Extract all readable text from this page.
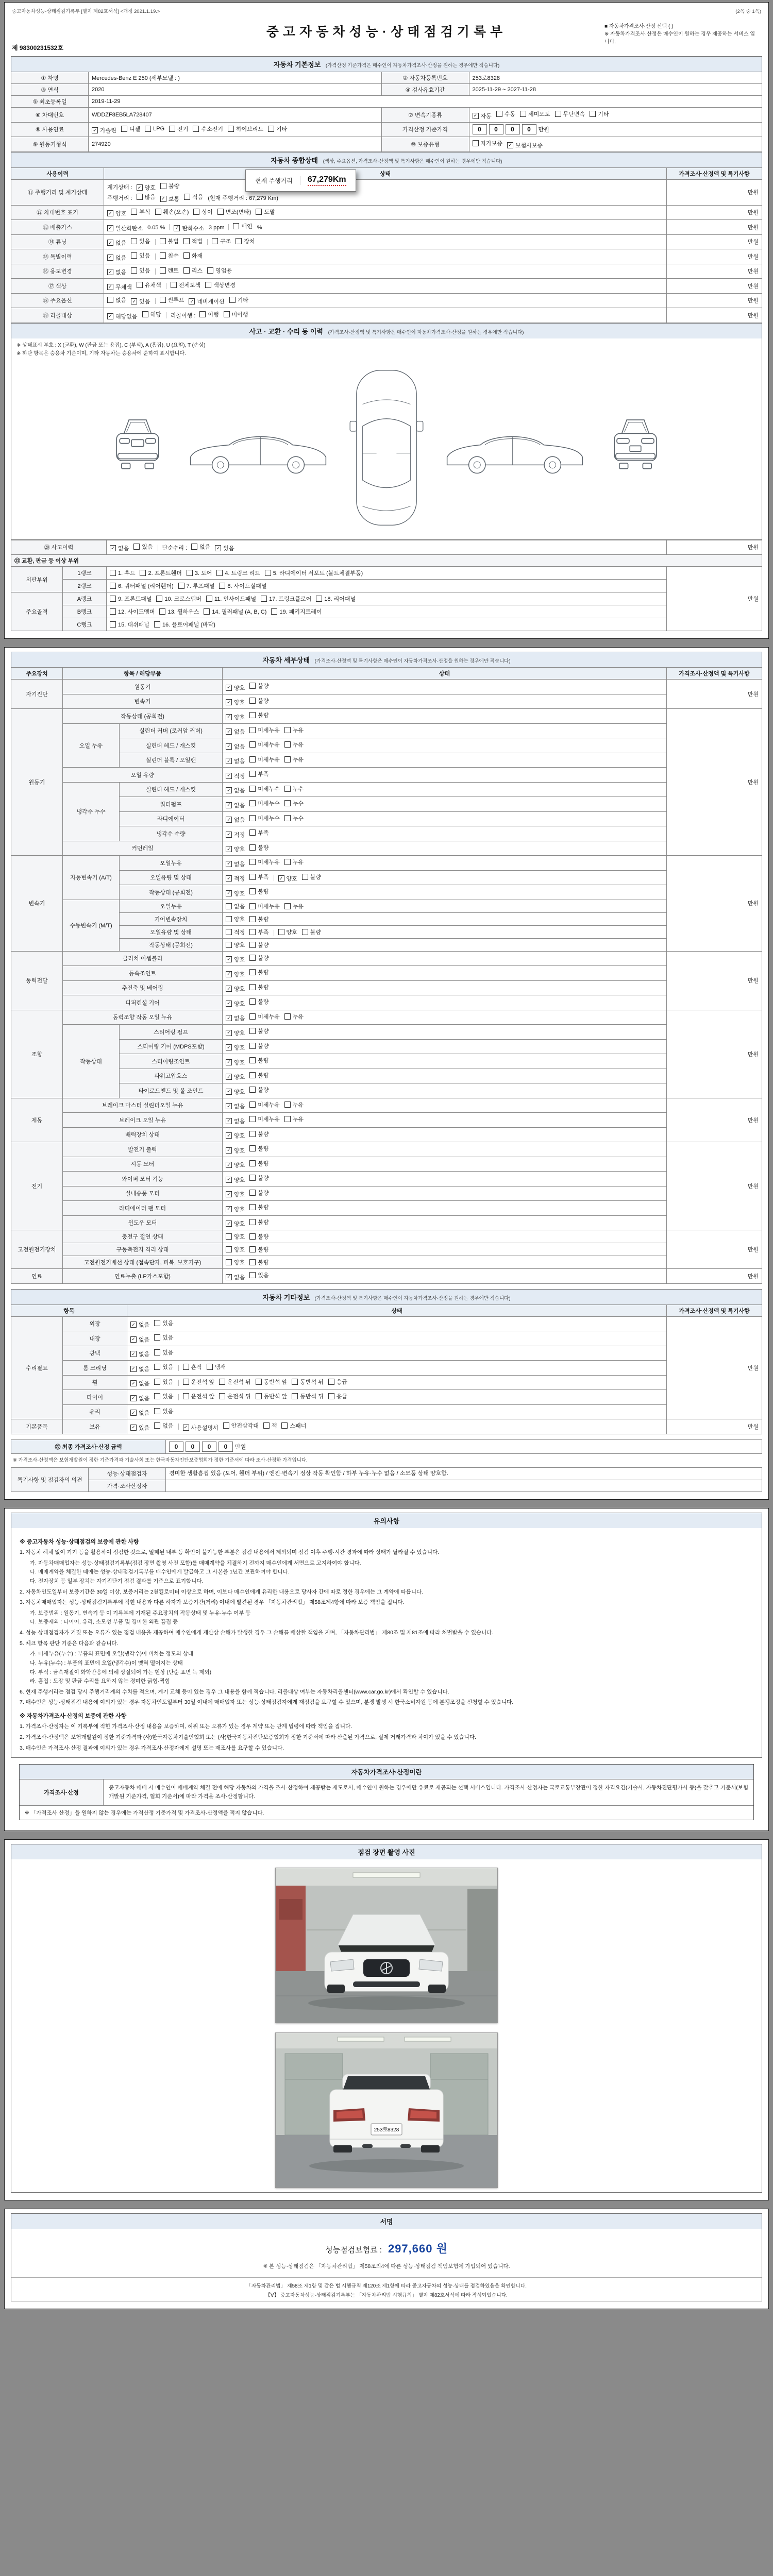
중고자동차성능·상태점검기록부 [별지 제82호서식] <개정 2021.1.19.>	(2쪽 중 1쪽)
중고자동차성능·상태점검기록부	■ 자동차가격조사·산정 선택 ( )
※ 자동차가격조사·산정은 매수인이 원하는 경우 제공하는 서비스 입니다.
제 98300231532호
자동차 기본정보 (가격산정 기준가격은 매수인이 자동차가격조사·산정을 원하는 경우에만 적습니다)
① 차명	Mercedes-Benz E 250 (세부모델 : )	② 자동차등록번호	253로8328
③ 연식	2020	④ 검사유효기간	2025-11-29 ~ 2027-11-28
⑤ 최초등록일	2019-11-29		
⑥ 차대번호	WDDZF8EB5LA728407	⑦ 변속기종류	
✓자동 수동 세미오토 무단변속 기타

⑧ 사용연료	
✓가솔린 디젤 LPG 전기 수소전기 하이브리드 기타	가격산정 기준가격	0 0 0 0 만원
⑨ 원동기형식	274920	⑩ 보증유형	자가보증 ✓ 보험사보증
자동차 종합상태 (색상, 주요옵션, 가격조사·산정액 및 특기사항은 매수인이 원하는 경우에만 적습니다)
사용이력	상태	가격조사·산정액 및 특기사항
⑪ 주행거리 및 계기상태	계기상태 : ✓ 양호 불량

주행거리 : 많음 ✓ 보통 적음 (현재 주행거리 : 67,279 Km)	만원
⑫ 차대번호 표기	
✓양호 부식 훼손(오손) 상이 변조(변타) 도말	만원
⑬ 배출가스	
✓일산화탄소 0.05 % ✓	탄화수소 3 ppm	매연 %	만원
⑭ 튜닝	
✓없음 있음	불법 적법	구조 장치	만원
⑮ 특별이력	
✓없음 있음 침수 화재	만원
⑯ 용도변경	
✓없음 있음 렌트 리스 영업용	만원
⑰ 색상	
✓무채색 유채색 전체도색 색상변경	만원
⑱ 주요옵션	없음 ✓ 있음 썬루프 ✓ 네비게이션 기타	만원
⑲ 리콜대상	
✓해당없음 해당 리콜이행 : 이행 미이행	만원
현재 주행거리	67,279Km
사고 · 교환 · 수리 등 이력 (가격조사·산정액 및 특기사항은 매수인이 자동차가격조사·산정을 원하는 경우에만 적습니다)
※ 상태표시 부호 : X (교환), W (판금 또는 용접), C (부식), A (흠집), U (요철), T (손상)
※ 하단 항목은 승용차 기준이며, 기타 자동차는 승용차에 준하여 표시합니다.
⑳ 사고이력	
✓없음 있음 단순수리 : 없음 ✓ 있음	만원
㉑ 교환, 판금 등 이상 부위			
외판부위	1랭크	1. 후드 2. 프론트휀더 3. 도어 4. 트렁크 리드 5. 라디에이터 서포트 (볼트체결부품)	만원
	2랭크	6. 쿼터패널 (리어휀더) 7. 루프패널 8. 사이드실패널	

주요골격	A랭크	9. 프론트패널 10. 크로스멤버 11. 인사이드패널 17. 트렁크플로어 18. 리어패널	

	B랭크	12. 사이드멤버 13. 휠하우스 14. 필러패널 (A, B, C) 19. 패키지트레이	

	C랭크	15. 대쉬패널 16. 플로어패널 (바닥)	
자동차 세부상태 (가격조사·산정액 및 특기사항은 매수인이 자동차가격조사·산정을 원하는 경우에만 적습니다)
주요장치	항목 / 해당부품		상태	가격조사·산정액 및 특기사항
자기진단	원동기	
✓양호 불량	만원
	변속기	
✓양호 불량

원동기	작동상태 (공회전)	
✓양호 불량	만원
	오일 누유	실린더 커버 (로커암 커버)	
✓없음 미세누유 누유

		실린더 헤드 / 개스킷	
✓없음 미세누유 누유

		실린더 블록 / 오일팬	
✓없음 미세누유 누유

	오일 유량	
✓적정 부족

	냉각수 누수	실린더 헤드 / 개스킷	
✓없음 미세누수 누수

		워터펌프	
✓없음 미세누수 누수

		라디에이터	
✓없음 미세누수 누수

		냉각수 수량	
✓적정 부족

	커먼레일	
✓양호 불량

변속기	자동변속기 (A/T)	오일누유	
✓없음 미세누유 누유	만원
		오일유량 및 상태	
✓적정 부족 ✓ 양호 불량

		작동상태 (공회전)	
✓양호 불량

	수동변속기 (M/T)	오일누유	없음 미세누유 누유	

		기어변속장치	양호 불량	

		오일유량 및 상태	적정 부족 양호 불량	

		작동상태 (공회전)	양호 불량	

동력전달	클러치 어셈블리	
✓양호 불량	만원
	등속조인트	
✓양호 불량

	추진축 및 베어링	
✓양호 불량

	디퍼렌셜 기어	
✓양호 불량

조향	동력조향 작동 오일 누유	
✓없음 미세누유 누유	만원
	작동상태	스티어링 펌프	
✓양호 불량

		스티어링 기어 (MDPS포함)	
✓양호 불량

		스티어링조인트	
✓양호 불량

		파워고압호스	
✓양호 불량

		타이로드엔드 및 볼 조인트	
✓양호 불량

제동	브레이크 마스터 실린더오일 누유	
✓없음 미세누유 누유	만원
	브레이크 오일 누유	
✓없음 미세누유 누유

	배력장치 상태	
✓양호 불량

전기	발전기 출력	
✓양호 불량	만원
	시동 모터	
✓양호 불량

	와이퍼 모터 기능	
✓양호 불량

	실내송풍 모터	
✓양호 불량

	라디에이터 팬 모터	
✓양호 불량

	윈도우 모터	
✓양호 불량

고전원전기장치	충전구 절연 상태		양호 불량	만원
	구동축전지 격리 상태		양호 불량	

	고전원전기배선 상태 (접속단자, 피복, 보호기구)		양호 불량	

연료	연료누출 (LP가스포함)	
✓없음 있음	만원
자동차 기타정보 (가격조사·산정액 및 특기사항은 매수인이 자동차가격조사·산정을 원하는 경우에만 적습니다)
항목		상태	가격조사·산정액 및 특기사항
수리필요	외장	
✓없음 있음	만원
	내장	
✓없음 있음

	광택	
✓없음 있음

	룸 크리닝	
✓없음 있음 흔적 냄새

휠	
✓없음 있음	운전석 앞 운전석 뒤 동반석 앞 동반석 뒤 응급

타이어	
✓없음 있음	운전석 앞 운전석 뒤 동반석 앞 동반석 뒤 응급

	유리	
✓없음 있음

기본품목	보유	
✓있음 없음 ✓	사용설명서 안전삼각대 잭 스패너	만원
㉒ 최종 가격조사·산정 금액	0 0 0 0 만원
※ 가격조사·산정액은 보험개발원이 정한 기준가격과 기술사회 또는 한국자동차진단보증협회가 정한 기준서에 따라 조사·산정한 가격입니다.
특기사항 및 점검자의 의견	성능·상태점검자	경미한 생활흠집 있음 (도어, 휀더 부위) / 엔진·변속기 정상 작동 확인함 / 하부 누유·누수 없음 / 소모품 상태 양호함.
	가격·조사산정자	
유의사항
※ 중고자동차 성능·상태점검의 보증에 관한 사항
1. 자동차 해체 없이 기기 등을 활용하여 점검한 것으로, 밀폐된 내부 등 확인이 불가능한 부분은 점검 내용에서 제외되며 점검 이후 주행·시간 경과에 따라 상태가 달라질 수 있습니다.
가. 자동차매매업자는 성능·상태점검기록부(점검 장면 촬영 사진 포함)를 매매계약을 체결하기 전까지 매수인에게 서면으로 고지하여야 합니다.
나. 매매계약을 체결한 때에는 성능·상태점검기록부를 매수인에게 발급하고 그 사본을 1년간 보관하여야 합니다.
다. 전자장치 등 일부 장치는 자기진단기 점검 결과를 기준으로 표기합니다.
2. 자동차인도일부터 보증기간은 30일 이상, 보증거리는 2천킬로미터 이상으로 하며, 이보다 매수인에게 유리한 내용으로 당사자 간에 따로 정한 경우에는 그 계약에 따릅니다.
3. 자동차매매업자는 성능·상태점검기록부에 적힌 내용과 다른 하자가 보증기간(거리) 이내에 발견된 경우 「자동차관리법」 제58조제4항에 따라 보증 책임을 집니다.
가. 보증범위 : 원동기, 변속기 등 이 기록부에 기재된 주요장치의 작동상태 및 누유·누수 여부 등
나. 보증제외 : 타이어, 유리, 소모성 부품 및 경미한 외관 흠집 등
4. 성능·상태점검자가 거짓 또는 오류가 있는 점검 내용을 제공하여 매수인에게 재산상 손해가 발생한 경우 그 손해를 배상할 책임을 지며, 「자동차관리법」 제80조 및 제81조에 따라 처벌받을 수 있습니다.
5. 체크 항목 판단 기준은 다음과 같습니다.
가. 미세누유(누수) : 부품의 표면에 오일(냉각수)이 비치는 정도의 상태
나. 누유(누수) : 부품의 표면에 오일(냉각수)이 맺혀 떨어지는 상태
다. 부식 : 금속재질이 화학반응에 의해 상실되어 가는 현상 (단순 표면 녹 제외)
라. 흠집 : 도장 및 판금 수리를 요하지 않는 경미한 긁힘·찍힘
6. 현재 주행거리는 점검 당시 주행거리계의 수치를 적으며, 계기 교체 등이 있는 경우 그 내용을 함께 적습니다. 리콜대상 여부는 자동차리콜센터(www.car.go.kr)에서 확인할 수 있습니다.
7. 매수인은 성능·상태점검 내용에 이의가 있는 경우 자동차인도일부터 30일 이내에 매매업자 또는 성능·상태점검자에게 재점검을 요구할 수 있으며, 분쟁 발생 시 한국소비자원 등에 분쟁조정을 신청할 수 있습니다.
※ 자동차가격조사·산정의 보증에 관한 사항
1. 가격조사·산정자는 이 기록부에 적힌 가격조사·산정 내용을 보증하며, 허위 또는 오류가 있는 경우 계약 또는 관계 법령에 따라 책임을 집니다.
2. 가격조사·산정액은 보험개발원이 정한 기준가격과 (사)한국자동차기술인협회 또는 (사)한국자동차진단보증협회가 정한 기준서에 따라 산출된 가격으로, 실제 거래가격과 차이가 있을 수 있습니다.
3. 매수인은 가격조사·산정 결과에 이의가 있는 경우 가격조사·산정자에게 설명 또는 재조사를 요구할 수 있습니다.
자동차가격조사·산정이란
가격조사·산정
중고자동차 매매 시 매수인이 매매계약 체결 전에 해당 자동차의 가격을 조사·산정하여 제공받는 제도로서, 매수인이 원하는 경우에만 유료로 제공되는 선택 서비스입니다. 가격조사·산정자는 국토교통부장관이 정한 자격요건(기술사, 자동차진단평가사 등)을 갖추고 기준서(보험개발원 기준가격, 협회 기준서)에 따라 가격을 조사·산정합니다.
※ 「가격조사·산정」을 원하지 않는 경우에는 가격산정 기준가격 및 가격조사·산정액을 적지 않습니다.
점검 장면 촬영 사진
253로8328
서명
성능점검보험료 : 297,660 원
※ 본 성능·상태점검은 「자동차관리법」 제58조의4에 따른 성능·상태점검 책임보험에 가입되어 있습니다.
「자동차관리법」 제58조 제1항 및 같은 법 시행규칙 제120조 제1항에 따라 중고자동차의 성능·상태를 점검하였음을 확인합니다.
【Ⅴ】 중고자동차성능·상태점검기록부는 「자동차관리법 시행규칙」 별지 제82호서식에 따라 작성되었습니다.
